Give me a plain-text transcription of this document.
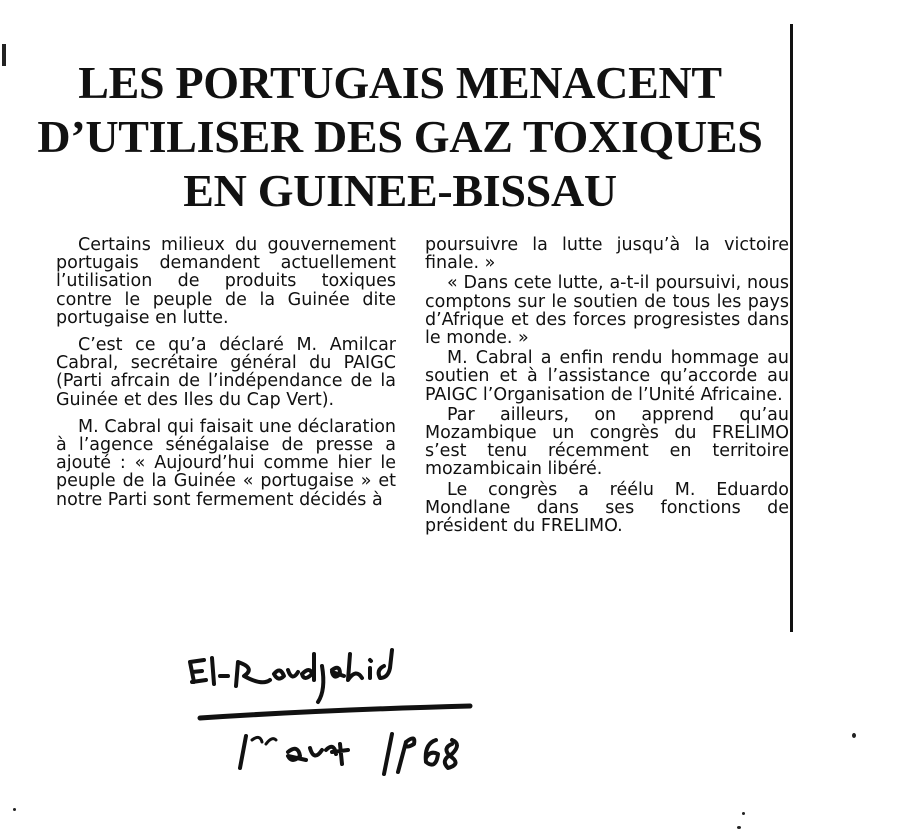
LES PORTUGAIS MENACENT
D’UTILISER DES GAZ TOXIQUES
EN GUINEE-BISSAU

Certains milieux du gouvernement portugais demandent actuellement l’utilisation de produits toxiques contre le peuple de la Guinée dite portugaise en lutte.

C’est ce qu’a déclaré M. Amilcar Cabral, secrétaire général du PAIGC (Parti afrcain de l’indépendance de la Guinée et des Iles du Cap Vert).

M. Cabral qui faisait une déclaration à l’agence sénégalaise de presse a ajouté : « Aujourd’hui comme hier le peuple de la Guinée « portugaise » et notre Parti sont fermement décidés à

poursuivre la lutte jusqu’à la victoire finale. »

« Dans cete lutte, a-t-il poursuivi, nous comptons sur le soutien de tous les pays d’Afrique et des forces progresistes dans le monde. »

M. Cabral a enfin rendu hommage au soutien et à l’assistance qu’accorde au PAIGC l’Organisation de l’Unité Africaine.

Par ailleurs, on apprend qu’au Mozambique un congrès du FRELIMO s’est tenu récemment en territoire mozambicain libéré.

Le congrès a réélu M. Eduardo Mondlane dans ses fonctions de président du FRELIMO.
